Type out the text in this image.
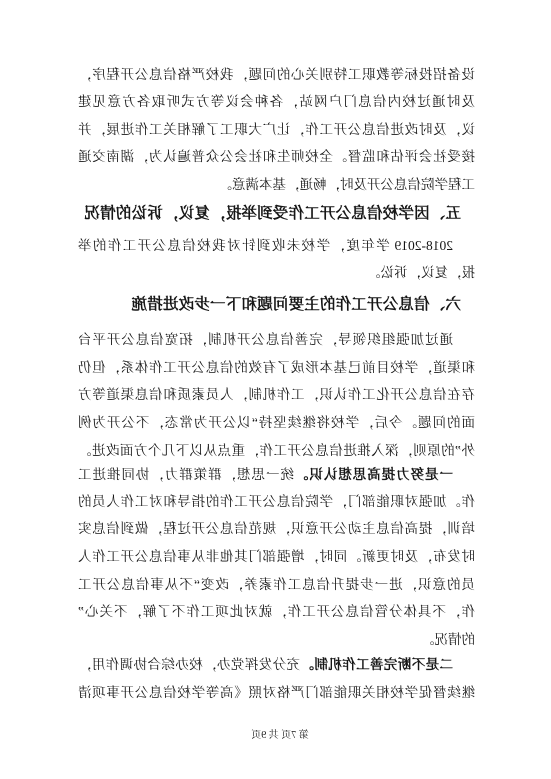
设备招投标等教职工特别关心的问题，我校严格信息公开程序，
及时通过校内信息门户网站，各种会议等方式听取各方意见建
议，及时改进信息公开工作，让广大职工了解相关工作进展，并
接受社会评估和监督。全校师生和社会公众普遍认为，湖南交通
工程学院信息公开及时，畅通，基本满意。
五、因学校信息公开工作受到举报，复议，诉讼的情况
2018-2019 学年度，学校未收到针对我校信息公开工作的举
报，复议，诉讼。
六、信息公开工作的主要问题和下一步改进措施
通过加强组织领导，完善信息公开机制，拓宽信息公开平台
和渠道，学校目前已基本形成了有效的信息公开工作体系，但仍
存在信息公开化工作认识，工作机制，人员素质和信息渠道等方
面的问题。今后，学校将继续坚持“以公开为常态，不公开为例
外”的原则，深入推进信息公开工作，重点从以下几个方面改进。
一是努力提高思想认识。统一思想，群策群力，协同推进工
作。加强对职能部门，学院信息公开工作的指导和对工作人员的
培训，提高信息主动公开意识，规范信息公开过程，做到信息实
时发布，及时更新。同时，增强部门其他非从事信息公开工作人
员的意识，进一步提升信息工作素养，改变“不从事信息公开工
作，不具体分管信息公开工作，就对此项工作不了解，不关心”
的情况。
二是不断完善工作机制。充分发挥党办，校办综合协调作用，
继续督促学校相关职能部门严格对照《高等学校信息公开事项清
第 7页 共 9页
